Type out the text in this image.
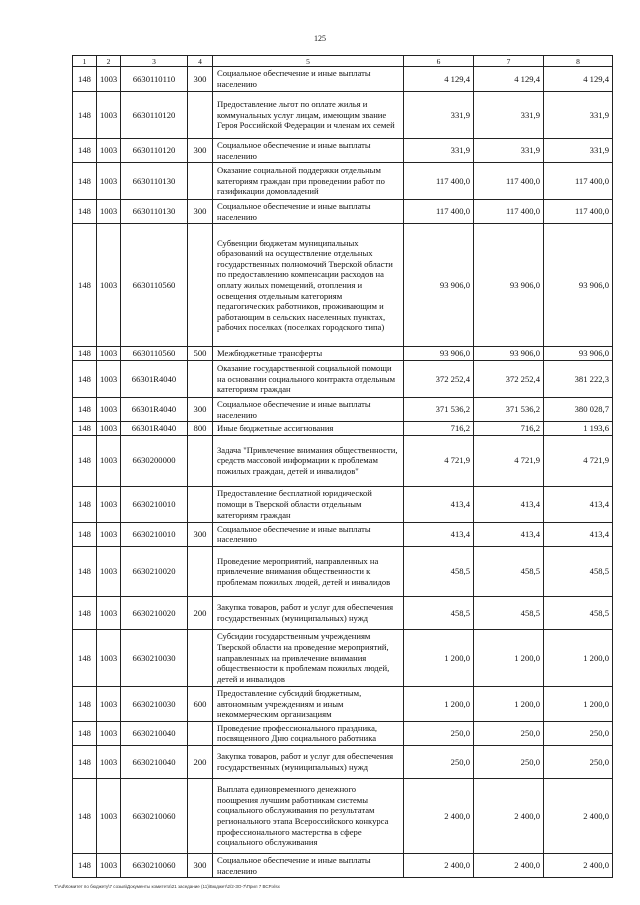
125
1	2	3	4	5	6	7	8
148	1003	6630110110	300	Социальное обеспечение и иные выплаты населению	4 129,4	4 129,4	4 129,4
148	1003	6630110120		Предоставление льгот по оплате жилья и коммунальных услуг лицам, имеющим звание Героя Российской Федерации и членам их семей	331,9	331,9	331,9
148	1003	6630110120	300	Социальное обеспечение и иные выплаты населению	331,9	331,9	331,9
148	1003	6630110130		Оказание социальной поддержки отдельным категориям граждан при проведении работ по газификации домовладений	117 400,0	117 400,0	117 400,0
148	1003	6630110130	300	Социальное обеспечение и иные выплаты населению	117 400,0	117 400,0	117 400,0
148	1003	6630110560		Субвенции бюджетам муниципальных образований на осуществление отдельных государственных полномочий Тверской области по предоставлению компенсации расходов на оплату жилых помещений, отопления и освещения отдельным категориям педагогических работников, проживающим и работающим в сельских населенных пунктах, рабочих поселках (поселках городского типа)	93 906,0	93 906,0	93 906,0
148	1003	6630110560	500	Межбюджетные трансферты	93 906,0	93 906,0	93 906,0
148	1003	66301R4040		Оказание государственной социальной помощи на основании социального контракта отдельным категориям граждан	372 252,4	372 252,4	381 222,3
148	1003	66301R4040	300	Социальное обеспечение и иные выплаты населению	371 536,2	371 536,2	380 028,7
148	1003	66301R4040	800	Иные бюджетные ассигнования	716,2	716,2	1 193,6
148	1003	6630200000		Задача "Привлечение внимания общественности, средств массовой информации к проблемам пожилых граждан, детей и инвалидов"	4 721,9	4 721,9	4 721,9
148	1003	6630210010		Предоставление бесплатной юридической помощи в Тверской области отдельным категориям граждан	413,4	413,4	413,4
148	1003	6630210010	300	Социальное обеспечение и иные выплаты населению	413,4	413,4	413,4
148	1003	6630210020		Проведение мероприятий, направленных на привлечение внимания общественности к проблемам пожилых людей, детей и инвалидов	458,5	458,5	458,5
148	1003	6630210020	200	Закупка товаров, работ и услуг для обеспечения государственных (муниципальных) нужд	458,5	458,5	458,5
148	1003	6630210030		Субсидии государственным учреждениям Тверской области на проведение мероприятий, направленных на привлечение внимания общественности к проблемам пожилых людей, детей и инвалидов	1 200,0	1 200,0	1 200,0
148	1003	6630210030	600	Предоставление субсидий бюджетным, автономным учреждениям и иным некоммерческим организациям	1 200,0	1 200,0	1 200,0
148	1003	6630210040		Проведение профессионального праздника, посвященного Дню социального работника	250,0	250,0	250,0
148	1003	6630210040	200	Закупка товаров, работ и услуг для обеспечения государственных (муниципальных) нужд	250,0	250,0	250,0
148	1003	6630210060		Выплата единовременного денежного поощрения лучшим работникам системы социального обслуживания по результатам регионального этапа Всероссийского конкурса профессионального мастерства в сфере социального обслуживания	2 400,0	2 400,0	2 400,0
148	1003	6630210060	300	Социальное обеспечение и иные выплаты населению	2 400,0	2 400,0	2 400,0
T:\Ad\Комитет по бюджету\7 созыв\Документы комитета\21 заседание (11)\Бюджет\2/2-ЗО-7\Прил 7 ВСР.xlsx
